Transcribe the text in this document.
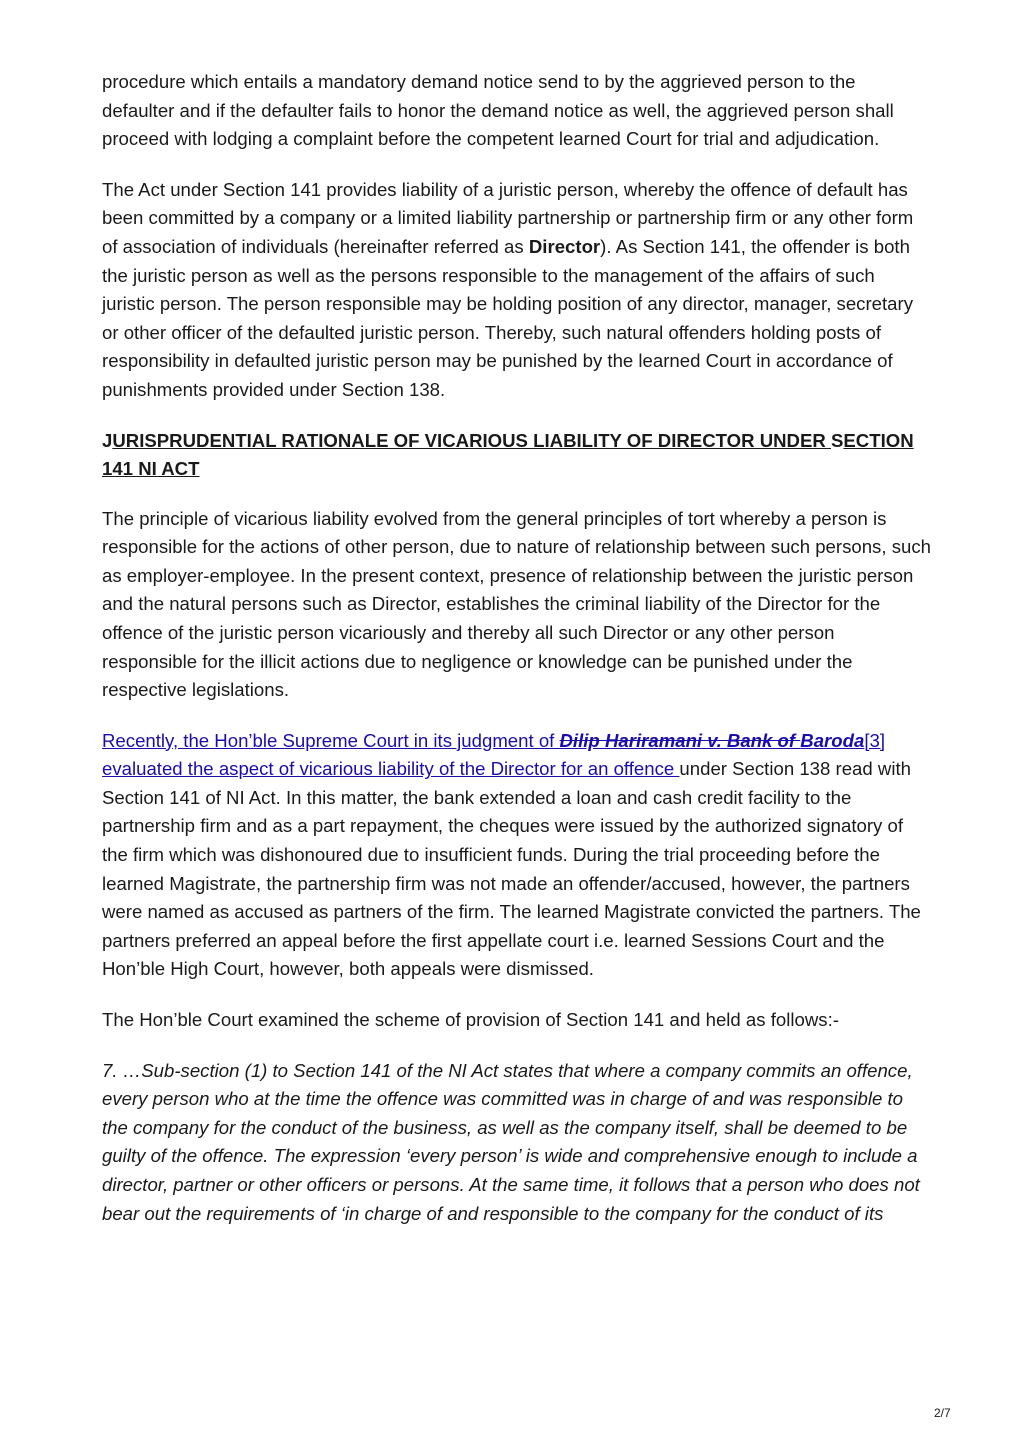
procedure which entails a mandatory demand notice send to by the aggrieved person to the defaulter and if the defaulter fails to honor the demand notice as well, the aggrieved person shall proceed with lodging a complaint before the competent learned Court for trial and adjudication.

The Act under Section 141 provides liability of a juristic person, whereby the offence of default has been committed by a company or a limited liability partnership or partnership firm or any other form of association of individuals (hereinafter referred as Director). As Section 141, the offender is both the juristic person as well as the persons responsible to the management of the affairs of such juristic person. The person responsible may be holding position of any director, manager, secretary or other officer of the defaulted juristic person. Thereby, such natural offenders holding posts of responsibility in defaulted juristic person may be punished by the learned Court in accordance of punishments provided under Section 138.

JURISPRUDENTIAL RATIONALE OF VICARIOUS LIABILITY OF DIRECTOR UNDER SECTION 141 NI ACT

The principle of vicarious liability evolved from the general principles of tort whereby a person is responsible for the actions of other person, due to nature of relationship between such persons, such as employer-employee. In the present context, presence of relationship between the juristic person and the natural persons such as Director, establishes the criminal liability of the Director for the offence of the juristic person vicariously and thereby all such Director or any other person responsible for the illicit actions due to negligence or knowledge can be punished under the respective legislations.

Recently, the Hon’ble Supreme Court in its judgment of Dilip Hariramani v. Bank of Baroda[3] evaluated the aspect of vicarious liability of the Director for an offence under Section 138 read with Section 141 of NI Act. In this matter, the bank extended a loan and cash credit facility to the partnership firm and as a part repayment, the cheques were issued by the authorized signatory of the firm which was dishonoured due to insufficient funds. During the trial proceeding before the learned Magistrate, the partnership firm was not made an offender/accused, however, the partners were named as accused as partners of the firm. The learned Magistrate convicted the partners. The partners preferred an appeal before the first appellate court i.e. learned Sessions Court and the Hon’ble High Court, however, both appeals were dismissed.

The Hon’ble Court examined the scheme of provision of Section 141 and held as follows:-

7. …Sub-section (1) to Section 141 of the NI Act states that where a company commits an offence, every person who at the time the offence was committed was in charge of and was responsible to the company for the conduct of the business, as well as the company itself, shall be deemed to be guilty of the offence. The expression ‘every person’ is wide and comprehensive enough to include a director, partner or other officers or persons. At the same time, it follows that a person who does not bear out the requirements of ‘in charge of and responsible to the company for the conduct of its

2/7
